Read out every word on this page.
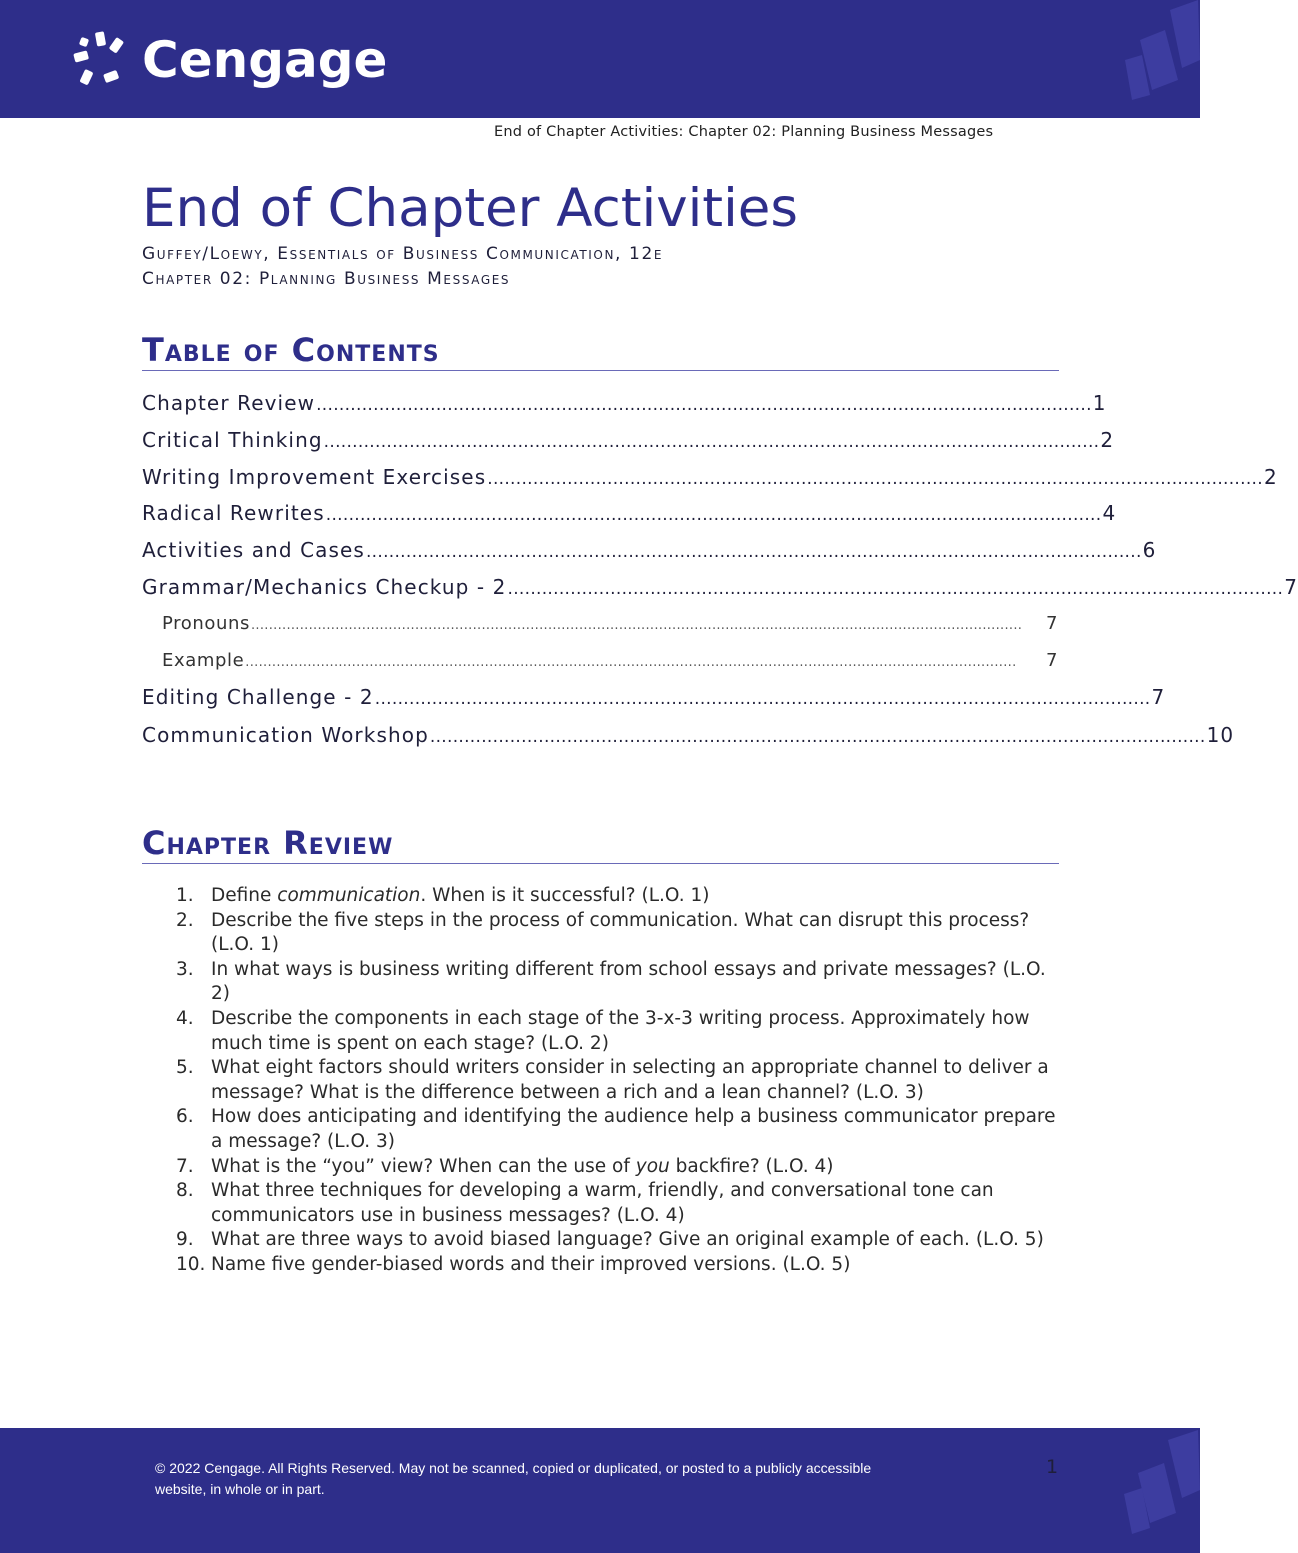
Cengage
End of Chapter Activities: Chapter 02: Planning Business Messages
End of Chapter Activities
Guffey/Loewy, Essentials of Business Communication, 12e
Chapter 02: Planning Business Messages
Table of Contents
Chapter Review ........................................................................................................................................ 1
Critical Thinking ........................................................................................................................................ 2
Writing Improvement Exercises ........................................................................................................................................ 2
Radical Rewrites ........................................................................................................................................ 4
Activities and Cases ........................................................................................................................................ 6
Grammar/Mechanics Checkup - 2 ........................................................................................................................................ 7
Pronouns ..............................................................................................................................................................................	7
Example ..............................................................................................................................................................................	7
Editing Challenge - 2 ........................................................................................................................................ 7
Communication Workshop ........................................................................................................................................ 10
Chapter Review
1. Define communication. When is it successful? (L.O. 1)
2. Describe the five steps in the process of communication. What can disrupt this process? (L.O. 1)
3. In what ways is business writing different from school essays and private messages? (L.O. 2)
4. Describe the components in each stage of the 3-x-3 writing process. Approximately how much time is spent on each stage? (L.O. 2)
5. What eight factors should writers consider in selecting an appropriate channel to deliver a message? What is the difference between a rich and a lean channel? (L.O. 3)
6. How does anticipating and identifying the audience help a business communicator prepare a message? (L.O. 3)
7. What is the “you” view? When can the use of you backfire? (L.O. 4)
8. What three techniques for developing a warm, friendly, and conversational tone can communicators use in business messages? (L.O. 4)
9. What are three ways to avoid biased language? Give an original example of each. (L.O. 5)
10. Name five gender-biased words and their improved versions. (L.O. 5)
© 2022 Cengage. All Rights Reserved. May not be scanned, copied or duplicated, or posted to a publicly accessible website, in whole or in part.
1
